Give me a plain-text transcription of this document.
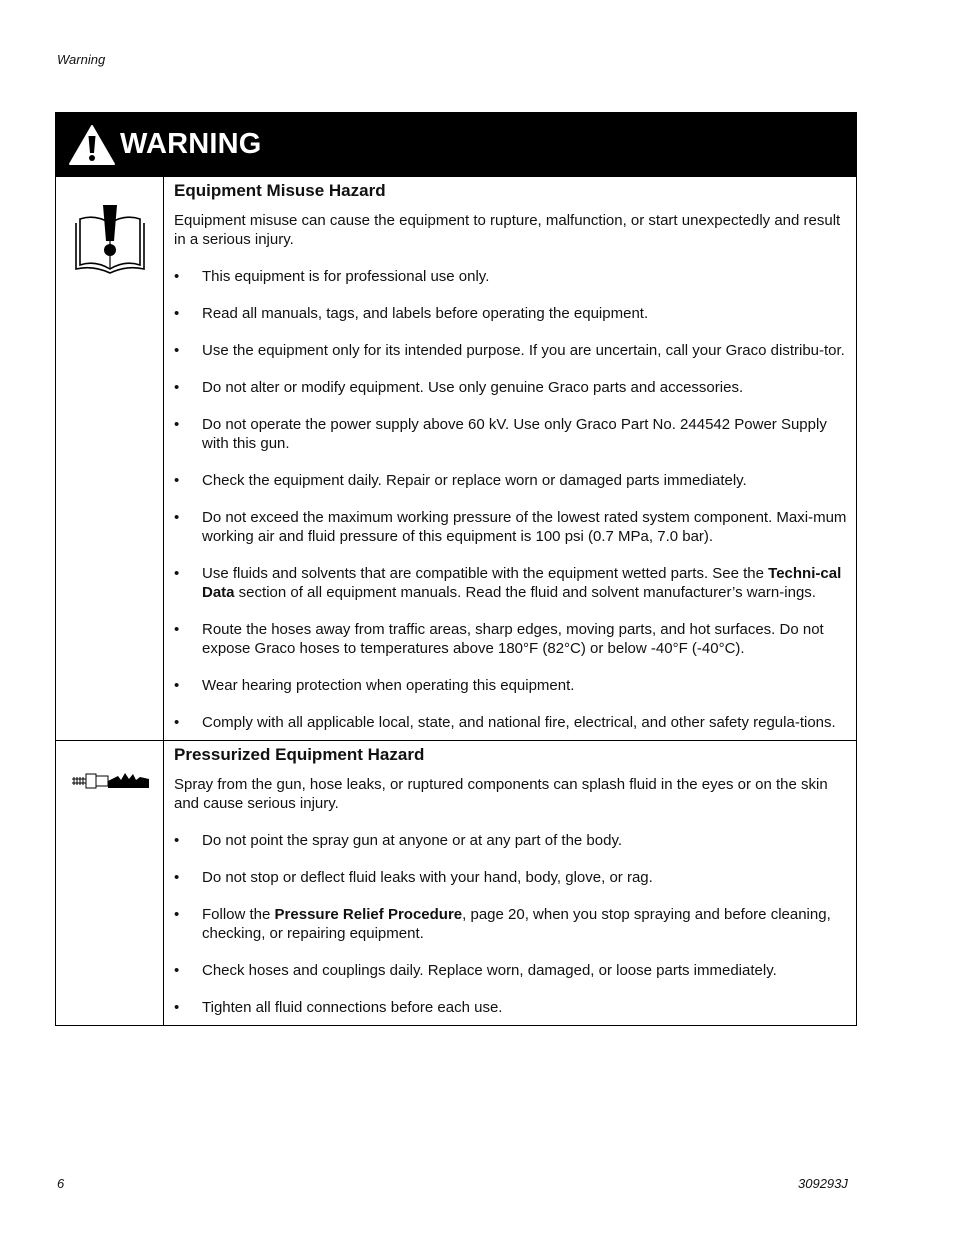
Warning
WARNING
Equipment Misuse Hazard

Equipment misuse can cause the equipment to rupture, malfunction, or start unexpectedly and result in a serious injury.

• This equipment is for professional use only.
• Read all manuals, tags, and labels before operating the equipment.
• Use the equipment only for its intended purpose. If you are uncertain, call your Graco distribu-tor.
• Do not alter or modify equipment. Use only genuine Graco parts and accessories.
• Do not operate the power supply above 60 kV. Use only Graco Part No. 244542 Power Supply with this gun.
• Check the equipment daily. Repair or replace worn or damaged parts immediately.
• Do not exceed the maximum working pressure of the lowest rated system component. Maxi-mum working air and fluid pressure of this equipment is 100 psi (0.7 MPa, 7.0 bar).
• Use fluids and solvents that are compatible with the equipment wetted parts. See the Techni-cal Data section of all equipment manuals. Read the fluid and solvent manufacturer’s warn-ings.
• Route the hoses away from traffic areas, sharp edges, moving parts, and hot surfaces. Do not expose Graco hoses to temperatures above 180°F (82°C) or below -40°F (-40°C).
• Wear hearing protection when operating this equipment.
• Comply with all applicable local, state, and national fire, electrical, and other safety regula-tions.
Pressurized Equipment Hazard

Spray from the gun, hose leaks, or ruptured components can splash fluid in the eyes or on the skin and cause serious injury.

• Do not point the spray gun at anyone or at any part of the body.
• Do not stop or deflect fluid leaks with your hand, body, glove, or rag.
• Follow the Pressure Relief Procedure, page 20, when you stop spraying and before cleaning, checking, or repairing equipment.
• Check hoses and couplings daily. Replace worn, damaged, or loose parts immediately.
• Tighten all fluid connections before each use.
6	309293J
